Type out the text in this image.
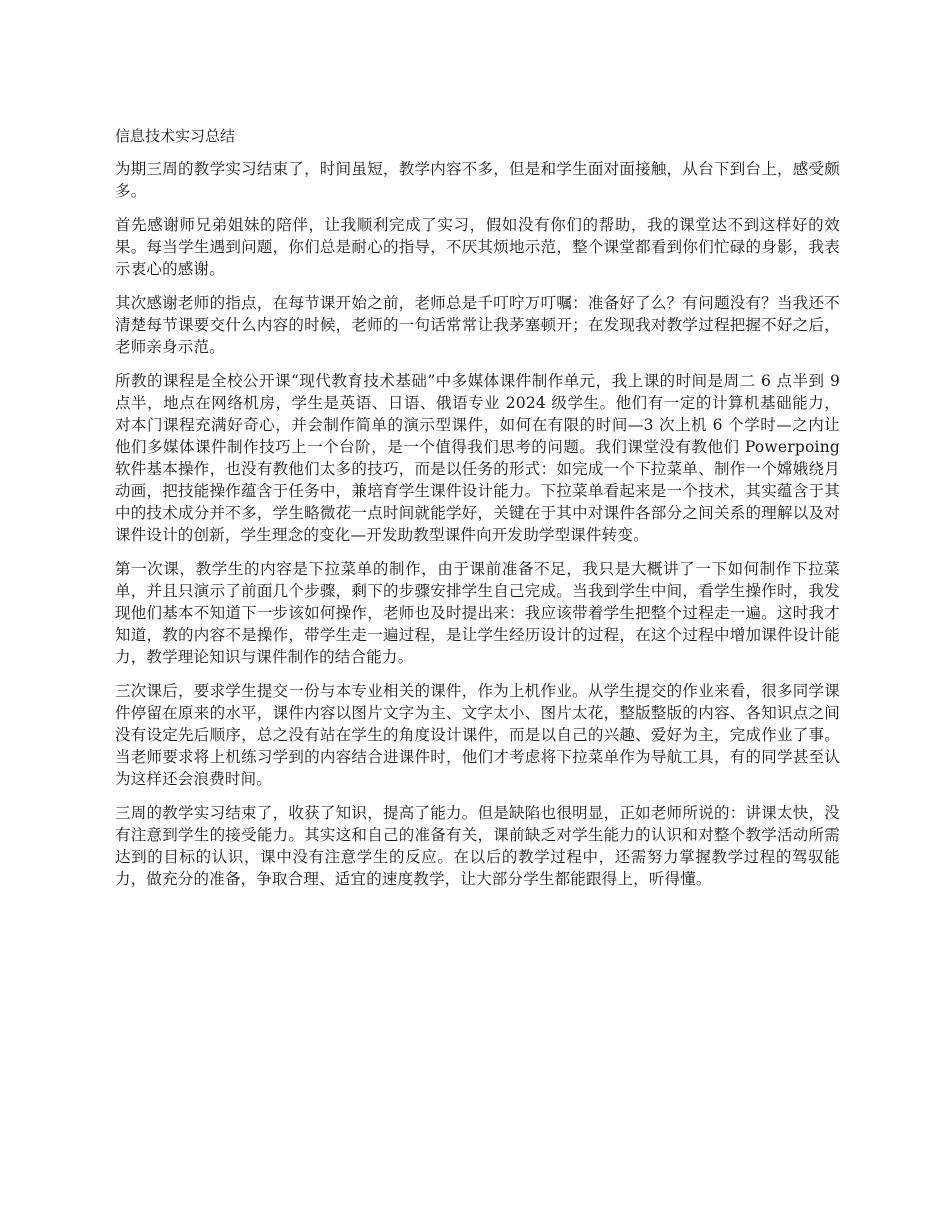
信息技术实习总结

为期三周的教学实习结束了，时间虽短，教学内容不多，但是和学生面对面接触，从台下到台上，感受颇多。

首先感谢师兄弟姐妹的陪伴，让我顺利完成了实习，假如没有你们的帮助，我的课堂达不到这样好的效果。每当学生遇到问题，你们总是耐心的指导，不厌其烦地示范，整个课堂都看到你们忙碌的身影，我表示衷心的感谢。

其次感谢老师的指点，在每节课开始之前，老师总是千叮咛万叮嘱：准备好了么？有问题没有？当我还不清楚每节课要交什么内容的时候，老师的一句话常常让我茅塞顿开；在发现我对教学过程把握不好之后，老师亲身示范。

所教的课程是全校公开课“现代教育技术基础”中多媒体课件制作单元，我上课的时间是周二 6 点半到 9 点半，地点在网络机房，学生是英语、日语、俄语专业 2024 级学生。他们有一定的计算机基础能力，对本门课程充满好奇心，并会制作简单的演示型课件，如何在有限的时间—3 次上机 6 个学时—之内让他们多媒体课件制作技巧上一个台阶，是一个值得我们思考的问题。我们课堂没有教他们 Powerpoing 软件基本操作，也没有教他们太多的技巧，而是以任务的形式：如完成一个下拉菜单、制作一个嫦娥绕月动画，把技能操作蕴含于任务中，兼培育学生课件设计能力。下拉菜单看起来是一个技术，其实蕴含于其中的技术成分并不多，学生略微花一点时间就能学好，关键在于其中对课件各部分之间关系的理解以及对课件设计的创新，学生理念的变化—开发助教型课件向开发助学型课件转变。

第一次课，教学生的内容是下拉菜单的制作，由于课前准备不足，我只是大概讲了一下如何制作下拉菜单，并且只演示了前面几个步骤，剩下的步骤安排学生自己完成。当我到学生中间，看学生操作时，我发现他们基本不知道下一步该如何操作，老师也及时提出来：我应该带着学生把整个过程走一遍。这时我才知道，教的内容不是操作，带学生走一遍过程，是让学生经历设计的过程，在这个过程中增加课件设计能力，教学理论知识与课件制作的结合能力。

三次课后，要求学生提交一份与本专业相关的课件，作为上机作业。从学生提交的作业来看，很多同学课件停留在原来的水平，课件内容以图片文字为主、文字太小、图片太花，整版整版的内容、各知识点之间没有设定先后顺序，总之没有站在学生的角度设计课件，而是以自己的兴趣、爱好为主，完成作业了事。当老师要求将上机练习学到的内容结合进课件时，他们才考虑将下拉菜单作为导航工具，有的同学甚至认为这样还会浪费时间。

三周的教学实习结束了，收获了知识，提高了能力。但是缺陷也很明显，正如老师所说的：讲课太快，没有注意到学生的接受能力。其实这和自己的准备有关，课前缺乏对学生能力的认识和对整个教学活动所需达到的目标的认识，课中没有注意学生的反应。在以后的教学过程中，还需努力掌握教学过程的驾驭能力，做充分的准备，争取合理、适宜的速度教学，让大部分学生都能跟得上，听得懂。
